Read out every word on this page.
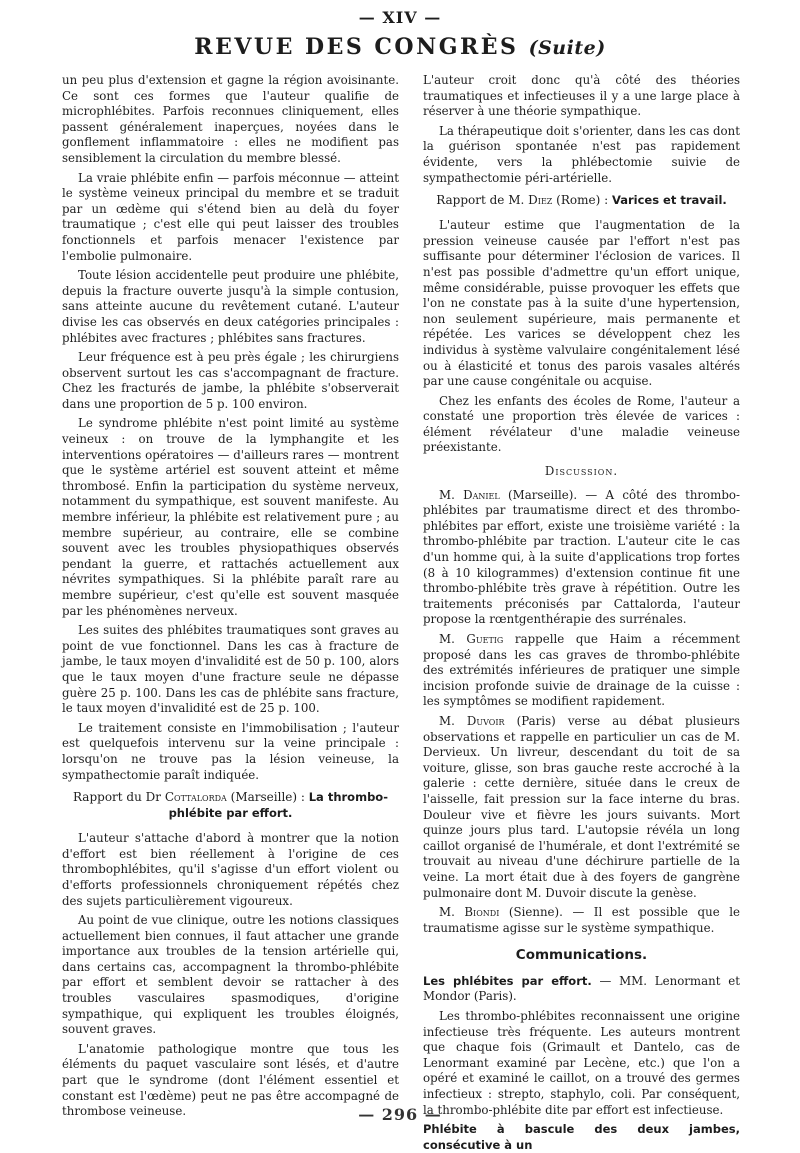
— XIV —
REVUE DES CONGRÈS (Suite)

un peu plus d'extension et gagne la région avoisinante. Ce sont ces formes que l'auteur qualifie de microphlébites. Parfois reconnues cliniquement, elles passent généralement inaperçues, noyées dans le gonflement inflammatoire : elles ne modifient pas sensiblement la circulation du membre blessé.

La vraie phlébite enfin — parfois méconnue — atteint le système veineux principal du membre et se traduit par un œdème qui s'étend bien au delà du foyer traumatique ; c'est elle qui peut laisser des troubles fonctionnels et parfois menacer l'existence par l'embolie pulmonaire.

Toute lésion accidentelle peut produire une phlébite, depuis la fracture ouverte jusqu'à la simple contusion, sans atteinte aucune du revêtement cutané. L'auteur divise les cas observés en deux catégories principales : phlébites avec fractures ; phlébites sans fractures.

Leur fréquence est à peu près égale ; les chirurgiens observent surtout les cas s'accompagnant de fracture. Chez les fracturés de jambe, la phlébite s'observerait dans une proportion de 5 p. 100 environ.

Le syndrome phlébite n'est point limité au système veineux : on trouve de la lymphangite et les interventions opératoires — d'ailleurs rares — montrent que le système artériel est souvent atteint et même thrombosé. Enfin la participation du système nerveux, notamment du sympathique, est souvent manifeste. Au membre inférieur, la phlébite est relativement pure ; au membre supérieur, au contraire, elle se combine souvent avec les troubles physiopathiques observés pendant la guerre, et rattachés actuellement aux névrites sympathiques. Si la phlébite paraît rare au membre supérieur, c'est qu'elle est souvent masquée par les phénomènes nerveux.

Les suites des phlébites traumatiques sont graves au point de vue fonctionnel. Dans les cas à fracture de jambe, le taux moyen d'invalidité est de 50 p. 100, alors que le taux moyen d'une fracture seule ne dépasse guère 25 p. 100. Dans les cas de phlébite sans fracture, le taux moyen d'invalidité est de 25 p. 100.

Le traitement consiste en l'immobilisation ; l'auteur est quelquefois intervenu sur la veine principale : lorsqu'on ne trouve pas la lésion veineuse, la sympathectomie paraît indiquée.

Rapport du Dr Cottalorda (Marseille) : La thrombo-phlébite par effort.

L'auteur s'attache d'abord à montrer que la notion d'effort est bien réellement à l'origine de ces thrombophlébites, qu'il s'agisse d'un effort violent ou d'efforts professionnels chroniquement répétés chez des sujets particulièrement vigoureux.

Au point de vue clinique, outre les notions classiques actuellement bien connues, il faut attacher une grande importance aux troubles de la tension artérielle qui, dans certains cas, accompagnent la thrombo-phlébite par effort et semblent devoir se rattacher à des troubles vasculaires spasmodiques, d'origine sympathique, qui expliquent les troubles éloignés, souvent graves.

L'anatomie pathologique montre que tous les éléments du paquet vasculaire sont lésés, et d'autre part que le syndrome (dont l'élément essentiel et constant est l'œdème) peut ne pas être accompagné de thrombose veineuse.

L'auteur croit donc qu'à côté des théories traumatiques et infectieuses il y a une large place à réserver à une théorie sympathique.

La thérapeutique doit s'orienter, dans les cas dont la guérison spontanée n'est pas rapidement évidente, vers la phlébectomie suivie de sympathectomie péri-artérielle.

Rapport de M. Diez (Rome) : Varices et travail.

L'auteur estime que l'augmentation de la pression veineuse causée par l'effort n'est pas suffisante pour déterminer l'éclosion de varices. Il n'est pas possible d'admettre qu'un effort unique, même considérable, puisse provoquer les effets que l'on ne constate pas à la suite d'une hypertension, non seulement supérieure, mais permanente et répétée. Les varices se développent chez les individus à système valvulaire congénitalement lésé ou à élasticité et tonus des parois vasales altérés par une cause congénitale ou acquise.

Chez les enfants des écoles de Rome, l'auteur a constaté une proportion très élevée de varices : élément révélateur d'une maladie veineuse préexistante.

Discussion.

M. Daniel (Marseille). — A côté des thrombo-phlébites par traumatisme direct et des thrombo-phlébites par effort, existe une troisième variété : la thrombo-phlébite par traction. L'auteur cite le cas d'un homme qui, à la suite d'applications trop fortes (8 à 10 kilogrammes) d'extension continue fit une thrombo-phlébite très grave à répétition. Outre les traitements préconisés par Cattalorda, l'auteur propose la rœntgenthérapie des surrénales.

M. Guetig rappelle que Haim a récemment proposé dans les cas graves de thrombo-phlébite des extrémités inférieures de pratiquer une simple incision profonde suivie de drainage de la cuisse : les symptômes se modifient rapidement.

M. Duvoir (Paris) verse au débat plusieurs observations et rappelle en particulier un cas de M. Dervieux. Un livreur, descendant du toit de sa voiture, glisse, son bras gauche reste accroché à la galerie : cette dernière, située dans le creux de l'aisselle, fait pression sur la face interne du bras. Douleur vive et fièvre les jours suivants. Mort quinze jours plus tard. L'autopsie révéla un long caillot organisé de l'humérale, et dont l'extrémité se trouvait au niveau d'une déchirure partielle de la veine. La mort était due à des foyers de gangrène pulmonaire dont M. Duvoir discute la genèse.

M. Biondi (Sienne). — Il est possible que le traumatisme agisse sur le système sympathique.

Communications.

Les phlébites par effort. — MM. Lenormant et Mondor (Paris).

Les thrombo-phlébites reconnaissent une origine infectieuse très fréquente. Les auteurs montrent que chaque fois (Grimault et Dantelo, cas de Lenormant examiné par Lecène, etc.) que l'on a opéré et examiné le caillot, on a trouvé des germes infectieux : strepto, staphylo, coli. Par conséquent, la thrombo-phlébite dite par effort est infectieuse.

Phlébite à bascule des deux jambes, consécutive à un

— 296 —
